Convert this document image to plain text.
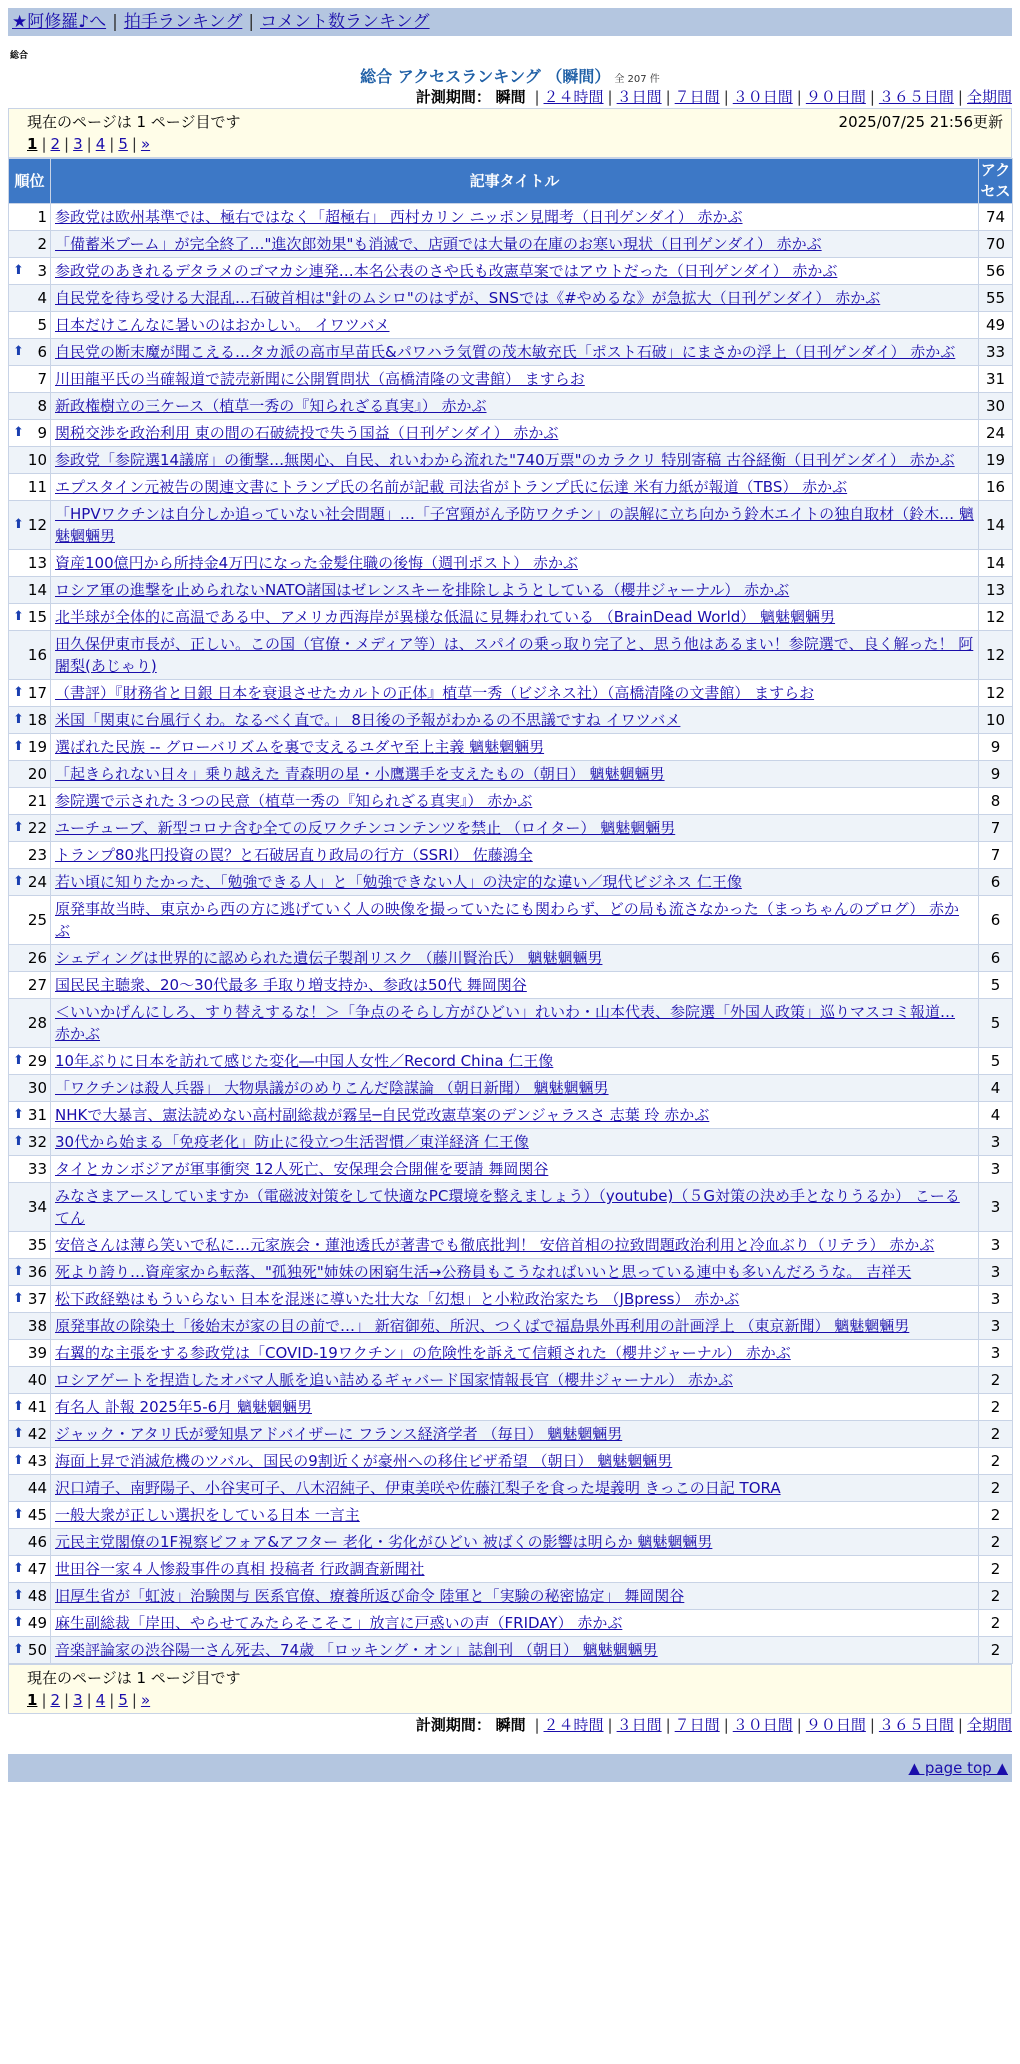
★阿修羅♪へ | 拍手ランキング | コメント数ランキング
総合
総合 アクセスランキング （瞬間） 全 207 件
計測期間： 瞬間 | ２４時間 | ３日間 | ７日間 | ３０日間 | ９０日間 | ３６５日間 | 全期間
現在のページは 1 ページ目です	2025/07/25 21:56更新
1 | 2 | 3 | 4 | 5 | »
順位	記事タイトル	アクセス
1	参政党は欧州基準では、極右ではなく「超極右」 西村カリン ニッポン見聞考（日刊ゲンダイ） 赤かぶ	74
2	「備蓄米ブーム」が完全終了…"進次郎効果"も消滅で、店頭では大量の在庫のお寒い現状（日刊ゲンダイ） 赤かぶ	70

⬆ 3	参政党のあきれるデタラメのゴマカシ連発…本名公表のさや氏も改憲草案ではアウトだった（日刊ゲンダイ） 赤かぶ	56
4	自民党を待ち受ける大混乱…石破首相は"針のムシロ"のはずが、SNSでは《#やめるな》が急拡大（日刊ゲンダイ） 赤かぶ	55
5	日本だけこんなに暑いのはおかしい。 イワツバメ	49

⬆ 6	自民党の断末魔が聞こえる…タカ派の高市早苗氏&パワハラ気質の茂木敏充氏「ポスト石破」にまさかの浮上（日刊ゲンダイ） 赤かぶ	33
7	川田龍平氏の当確報道で読売新聞に公開質問状（高橋清隆の文書館） ますらお	31
8	新政権樹立の三ケース（植草一秀の『知られざる真実』） 赤かぶ	30

⬆ 9	関税交渉を政治利用 東の間の石破続投で失う国益（日刊ゲンダイ） 赤かぶ	24
10	参政党「参院選14議席」の衝撃…無関心、自民、れいわから流れた"740万票"のカラクリ 特別寄稿 古谷経衡（日刊ゲンダイ） 赤かぶ	19
11	エプスタイン元被告の関連文書にトランプ氏の名前が記載 司法省がトランプ氏に伝達 米有力紙が報道（TBS） 赤かぶ	16

⬆ 12	「HPVワクチンは自分しか追っていない社会問題」…「子宮頸がん予防ワクチン」の誤解に立ち向かう鈴木エイトの独自取材（鈴木… 魑魅魍魎男	14
13	資産100億円から所持金4万円になった金髪住職の後悔（週刊ポスト） 赤かぶ	14
14	ロシア軍の進撃を止められないNATO諸国はゼレンスキーを排除しようとしている（櫻井ジャーナル） 赤かぶ	13

⬆ 15	北半球が全体的に高温である中、アメリカ西海岸が異様な低温に見舞われている （BrainDead World） 魑魅魍魎男	12
16	田久保伊東市長が、正しい。この国（官僚・メディア等）は、スパイの乗っ取り完了と、思う他はあるまい！参院選で、良く解った！ 阿闍梨(あじゃり)	12

⬆ 17	（書評）『財務省と日銀 日本を衰退させたカルトの正体』植草一秀（ビジネス社）（高橋清隆の文書館） ますらお	12

⬆ 18	米国「関東に台風行くわ。なるべく直で。」 8日後の予報がわかるの不思議ですね イワツバメ	10

⬆ 19	選ばれた民族 -- グローバリズムを裏で支えるユダヤ至上主義 魑魅魍魎男	9
20	「起きられない日々」乗り越えた 青森明の星・小鷹選手を支えたもの（朝日） 魑魅魍魎男	9
21	参院選で示された３つの民意（植草一秀の『知られざる真実』） 赤かぶ	8

⬆ 22	ユーチューブ、新型コロナ含む全ての反ワクチンコンテンツを禁止 （ロイター） 魑魅魍魎男	7
23	トランプ80兆円投資の罠？と石破居直り政局の行方（SSRI） 佐藤鴻全	7

⬆ 24	若い頃に知りたかった、「勉強できる人」と「勉強できない人」の決定的な違い／現代ビジネス 仁王像	6
25	原発事故当時、東京から西の方に逃げていく人の映像を撮っていたにも関わらず、どの局も流さなかった（まっちゃんのブログ） 赤かぶ	6
26	シェディングは世界的に認められた遺伝子製剤リスク （藤川賢治氏） 魑魅魍魎男	6
27	国民民主聴衆、20～30代最多 手取り増支持か、参政は50代 舞岡関谷	5
28	＜いいかげんにしろ、すり替えするな！＞「争点のそらし方がひどい」れいわ・山本代表、参院選「外国人政策」巡りマスコミ報道… 赤かぶ	5

⬆ 29	10年ぶりに日本を訪れて感じた変化―中国人女性／Record China 仁王像	5
30	「ワクチンは殺人兵器」 大物県議がのめりこんだ陰謀論 （朝日新聞） 魑魅魍魎男	4

⬆ 31	NHKで大暴言、憲法読めない高村副総裁が霧呈─自民党改憲草案のデンジャラスさ 志葉 玲 赤かぶ	4

⬆ 32	30代から始まる「免疫老化」防止に役立つ生活習慣／東洋経済 仁王像	3
33	タイとカンボジアが軍事衝突 12人死亡、安保理会合開催を要請 舞岡関谷	3
34	みなさまアースしていますか（電磁波対策をして快適なPC環境を整えましょう）（youtube)（５G対策の決め手となりうるか） こーるてん	3
35	安倍さんは薄ら笑いで私に…元家族会・蓮池透氏が著書でも徹底批判！ 安倍首相の拉致問題政治利用と冷血ぶり（リテラ） 赤かぶ	3

⬆ 36	死より誇り…資産家から転落、"孤独死"姉妹の困窮生活→公務員もこうなればいいと思っている連中も多いんだろうな。 吉祥天	3

⬆ 37	松下政経塾はもういらない 日本を混迷に導いた壮大な「幻想」と小粒政治家たち （JBpress） 赤かぶ	3
38	原発事故の除染土「後始末が家の目の前で…」 新宿御苑、所沢、つくばで福島県外再利用の計画浮上 （東京新聞） 魑魅魍魎男	3
39	右翼的な主張をする参政党は「COVID-19ワクチン」の危険性を訴えて信頼された（櫻井ジャーナル） 赤かぶ	3
40	ロシアゲートを捏造したオバマ人脈を追い詰めるギャバード国家情報長官（櫻井ジャーナル） 赤かぶ	2

⬆ 41	有名人 訃報 2025年5-6月 魑魅魍魎男	2

⬆ 42	ジャック・アタリ氏が愛知県アドバイザーに フランス経済学者 （毎日） 魑魅魍魎男	2

⬆ 43	海面上昇で消滅危機のツバル、国民の9割近くが豪州への移住ビザ希望 （朝日） 魑魅魍魎男	2
44	沢口靖子、南野陽子、小谷実可子、八木沼純子、伊東美咲や佐藤江梨子を食った堤義明 きっこの日記 TORA	2

⬆ 45	一般大衆が正しい選択をしている日本 一言主	2
46	元民主党閣僚の1F視察ビフォア&アフター 老化・劣化がひどい 被ばくの影響は明らか 魑魅魍魎男	2

⬆ 47	世田谷一家４人惨殺事件の真相 投稿者 行政調査新聞社	2

⬆ 48	旧厚生省が「虹波」治験関与 医系官僚、療養所返び命令 陸軍と「実験の秘密協定」 舞岡関谷	2

⬆ 49	麻生副総裁「岸田、やらせてみたらそこそこ」放言に戸惑いの声（FRIDAY） 赤かぶ	2

⬆ 50	音楽評論家の渋谷陽一さん死去、74歳 「ロッキング・オン」誌創刊 （朝日） 魑魅魍魎男	2
現在のページは 1 ページ目です
1 | 2 | 3 | 4 | 5 | »
計測期間： 瞬間 | ２４時間 | ３日間 | ７日間 | ３０日間 | ９０日間 | ３６５日間 | 全期間
▲ page top ▲
